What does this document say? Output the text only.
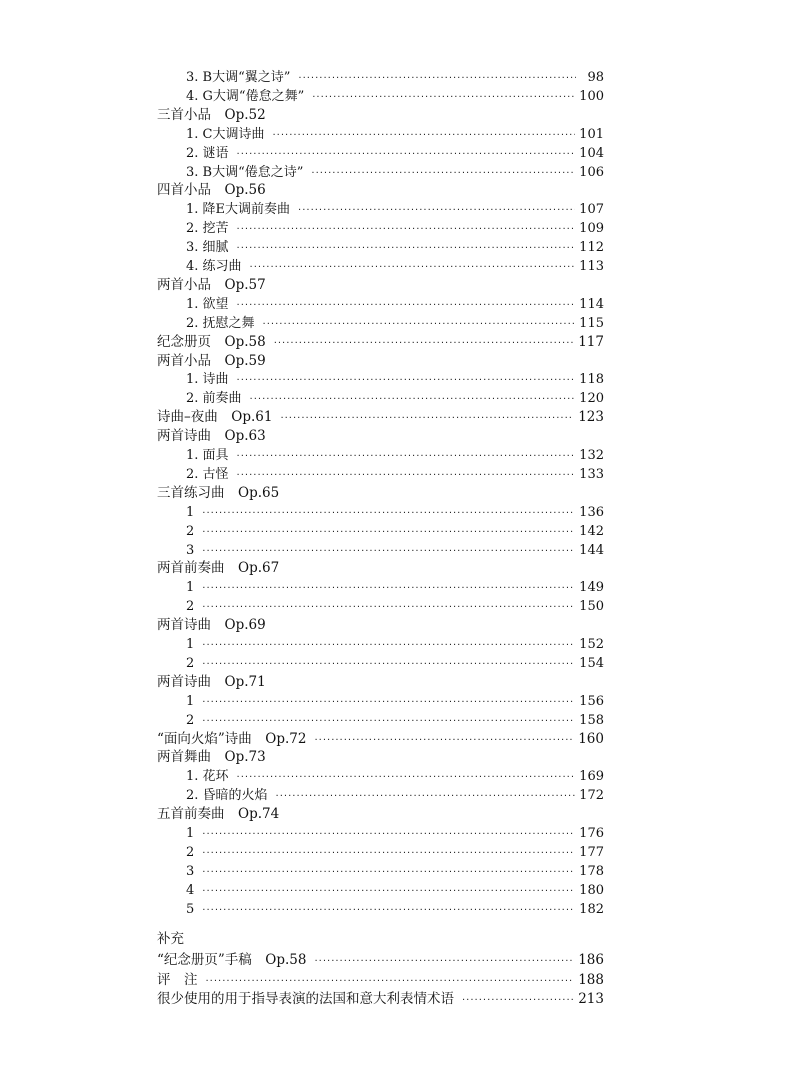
3. B大调“翼之诗” ·····	98
4. G大调“倦怠之舞” ·····	100
三首小品　Op.52
1. C大调诗曲 ·····	101
2. 谜语 ·····	104
3. B大调“倦怠之诗” ·····	106
四首小品　Op.56
1. 降E大调前奏曲 ·····	107
2. 挖苦 ·····	109
3. 细腻 ·····	112
4. 练习曲 ·····	113
两首小品　Op.57
1. 欲望 ·····	114
2. 抚慰之舞 ·····	115
纪念册页　Op.58 ·····	117
两首小品　Op.59
1. 诗曲 ·····	118
2. 前奏曲 ·····	120
诗曲–夜曲　Op.61 ·····	123
两首诗曲　Op.63
1. 面具 ·····	132
2. 古怪 ·····	133
三首练习曲　Op.65
1 ·····	136
2 ·····	142
3 ·····	144
两首前奏曲　Op.67
1 ·····	149
2 ·····	150
两首诗曲　Op.69
1 ·····	152
2 ·····	154
两首诗曲　Op.71
1 ·····	156
2 ·····	158
“面向火焰”诗曲　Op.72 ·····	160
两首舞曲　Op.73
1. 花环 ·····	169
2. 昏暗的火焰 ·····	172
五首前奏曲　Op.74
1 ·····	176
2 ·····	177
3 ·····	178
4 ·····	180
5 ·····	182
补充
“纪念册页”手稿　Op.58 ·····	186
评　注 ·····	188
很少使用的用于指导表演的法国和意大利表情术语 ·····	213
